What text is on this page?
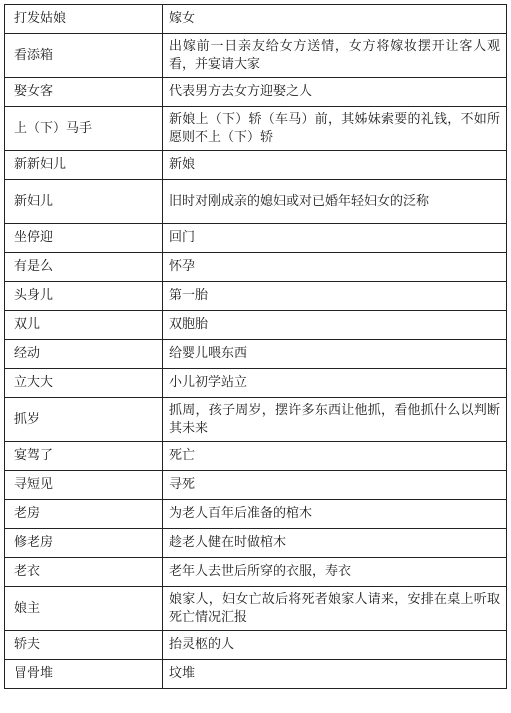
打发姑娘	嫁女
看添箱	出嫁前一日亲友给女方送情，女方将嫁妆摆开让客人观看，并宴请大家
娶女客	代表男方去女方迎娶之人
上（下）马手	新娘上（下）轿（车马）前，其姊妹索要的礼钱，不如所愿则不上（下）轿
新新妇儿	新娘
新妇儿	旧时对刚成亲的媳妇或对已婚年轻妇女的泛称
坐停迎	回门
有是么	怀孕
头身儿	第一胎
双儿	双胞胎
经动	给婴儿喂东西
立大大	小儿初学站立
抓岁	抓周，孩子周岁，摆许多东西让他抓，看他抓什么以判断其未来
宴驾了	死亡
寻短见	寻死
老房	为老人百年后准备的棺木
修老房	趁老人健在时做棺木
老衣	老年人去世后所穿的衣服，寿衣
娘主	娘家人，妇女亡故后将死者娘家人请来，安排在桌上听取死亡情况汇报
轿夫	抬灵柩的人
冒骨堆	坟堆
